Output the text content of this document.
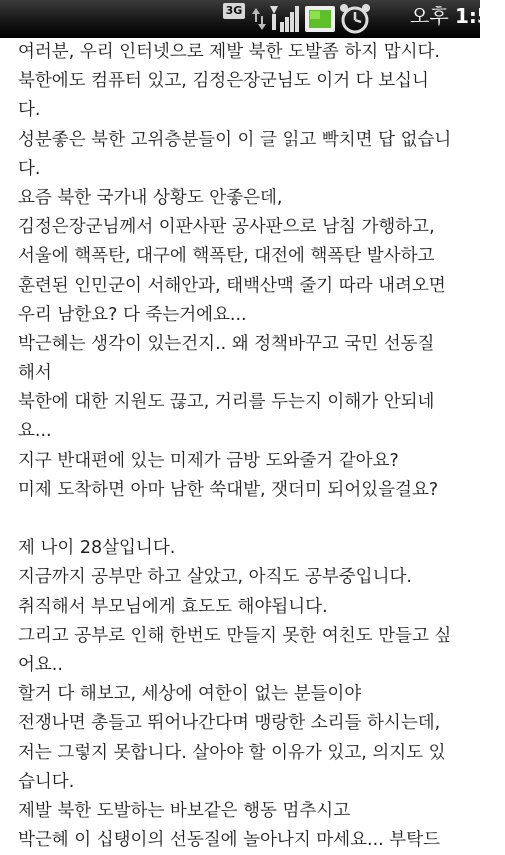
3G	오후 1:55
여러분, 우리 인터넷으로 제발 북한 도발좀 하지 맙시다.
북한에도 컴퓨터 있고, 김정은장군님도 이거 다 보십니
다.
성분좋은 북한 고위층분들이 이 글 읽고 빡치면 답 없습니
다.
요즘 북한 국가내 상황도 안좋은데,
김정은장군님께서 이판사판 공사판으로 남침 가행하고,
서울에 핵폭탄, 대구에 핵폭탄, 대전에 핵폭탄 발사하고
훈련된 인민군이 서해안과, 태백산맥 줄기 따라 내려오면
우리 남한요? 다 죽는거에요...
박근혜는 생각이 있는건지.. 왜 정책바꾸고 국민 선동질
해서
북한에 대한 지원도 끊고, 거리를 두는지 이해가 안되네
요...
지구 반대편에 있는 미제가 금방 도와줄거 같아요?
미제 도착하면 아마 남한 쑥대밭, 잿더미 되어있을걸요?
제 나이 28살입니다.
지금까지 공부만 하고 살았고, 아직도 공부중입니다.
취직해서 부모님에게 효도도 해야됩니다.
그리고 공부로 인해 한번도 만들지 못한 여친도 만들고 싶
어요..
할거 다 해보고, 세상에 여한이 없는 분들이야
전쟁나면 총들고 뛰어나간다며 맹랑한 소리들 하시는데,
저는 그렇지 못합니다. 살아야 할 이유가 있고, 의지도 있
습니다.
제발 북한 도발하는 바보같은 행동 멈추시고
박근혜 이 십탱이의 선동질에 놀아나지 마세요... 부탁드
